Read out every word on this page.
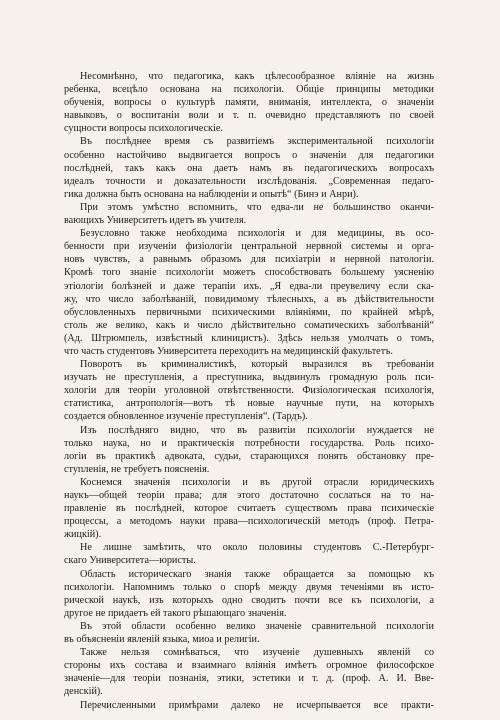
Несомнѣнно, что педагогика, какъ цѣлесообразное вліяніе на жизнь
ребенка, всецѣло основана на психологіи. Общіе принципы методики
обученія, вопросы о культурѣ памяти, вниманія, интеллекта, о значеніи
навыковъ, о воспитаніи воли и т. п. очевидно представляютъ по своей
сущности вопросы психологическіе.
Въ послѣднее время съ развитіемъ экспериментальной психологіи
особенно настойчиво выдвигается вопросъ о значеніи для педагогики
послѣдней, такъ какъ она даетъ намъ въ педагогическихъ вопросахъ
идеалъ точности и доказательности изслѣдованія. „Современная педаго-
гика должна быть основана на наблюденіи и опытѣ“ (Бинэ и Анри).
При этомъ умѣстно вспомнить, что едва-ли не большинство оканчи-
вающихъ Университетъ идетъ въ учителя.
Безусловно также необходима психологія и для медицины, въ осо-
бенности при изученіи физіологіи центральной нервной системы и орга-
новъ чувствъ, а равнымъ образомъ для психіатріи и нервной патологіи.
Кромѣ того знаніе психологіи можетъ способствовать большему уясненію
этіологіи болѣзней и даже терапіи ихъ. „Я едва-ли преувеличу если ска-
жу, что число заболѣваній, повидимому тѣлесныхъ, а въ дѣйствительности
обусловленныхъ первичными психическими вліяніями, по крайней мѣрѣ,
столь же велико, какъ и число дѣйствительно соматическихъ заболѣваній“
(Ад. Штрюмпель, извѣстный клиницистъ). Здѣсь нельзя умолчать о томъ,
что часть студентовъ Университета переходитъ на медицинскій факультетъ.
Поворотъ въ криминалистикѣ, который выразился въ требованіи
изучать не преступленія, а преступника, выдвинулъ громадную роль пси-
хологіи для теоріи уголовной отвѣтственности. Физіологическая психологія,
статистика, антропологія—вотъ тѣ новые научные пути, на которыхъ
создается обновленное изученіе преступленія“. (Тардъ).
Изъ послѣдняго видно, что въ развитіи психологіи нуждается не
только наука, но и практическія потребности государства. Роль психо-
логіи въ практикѣ адвоката, судьи, старающихся понять обстановку пре-
ступленія, не требуетъ поясненія.
Коснемся значенія психологіи и въ другой отрасли юридическихъ
наукъ—общей теоріи права; для этого достаточно сослаться на то на-
правленіе въ послѣдней, которое считаетъ существомъ права психическіе
процессы, а методомъ науки права—психологическій методъ (проф. Петра-
жицкій).
Не лишне замѣтить, что около половины студентовъ С.-Петербург-
скаго Университета—юристы.
Область историческаго знанія также обращается за помощью къ
психологіи. Напомнимъ только о спорѣ между двумя теченіями въ исто-
рической наукѣ, изъ которыхъ одно сводитъ почти все къ психологіи, а
другое не придаетъ ей такого рѣшающаго значенія.
Въ этой области особенно велико значеніе сравнительной психологіи
въ объясненіи явленій языка, миоа и религіи.
Также нельзя сомнѣваться, что изученіе душевныхъ явленій со
стороны ихъ состава и взаимнаго вліянія имѣетъ огромное философское
значеніе—для теоріи познанія, этики, эстетики и т. д. (проф. А. И. Вве-
денскій).
Перечисленными примѣрами далеко не исчерпывается все практи-
